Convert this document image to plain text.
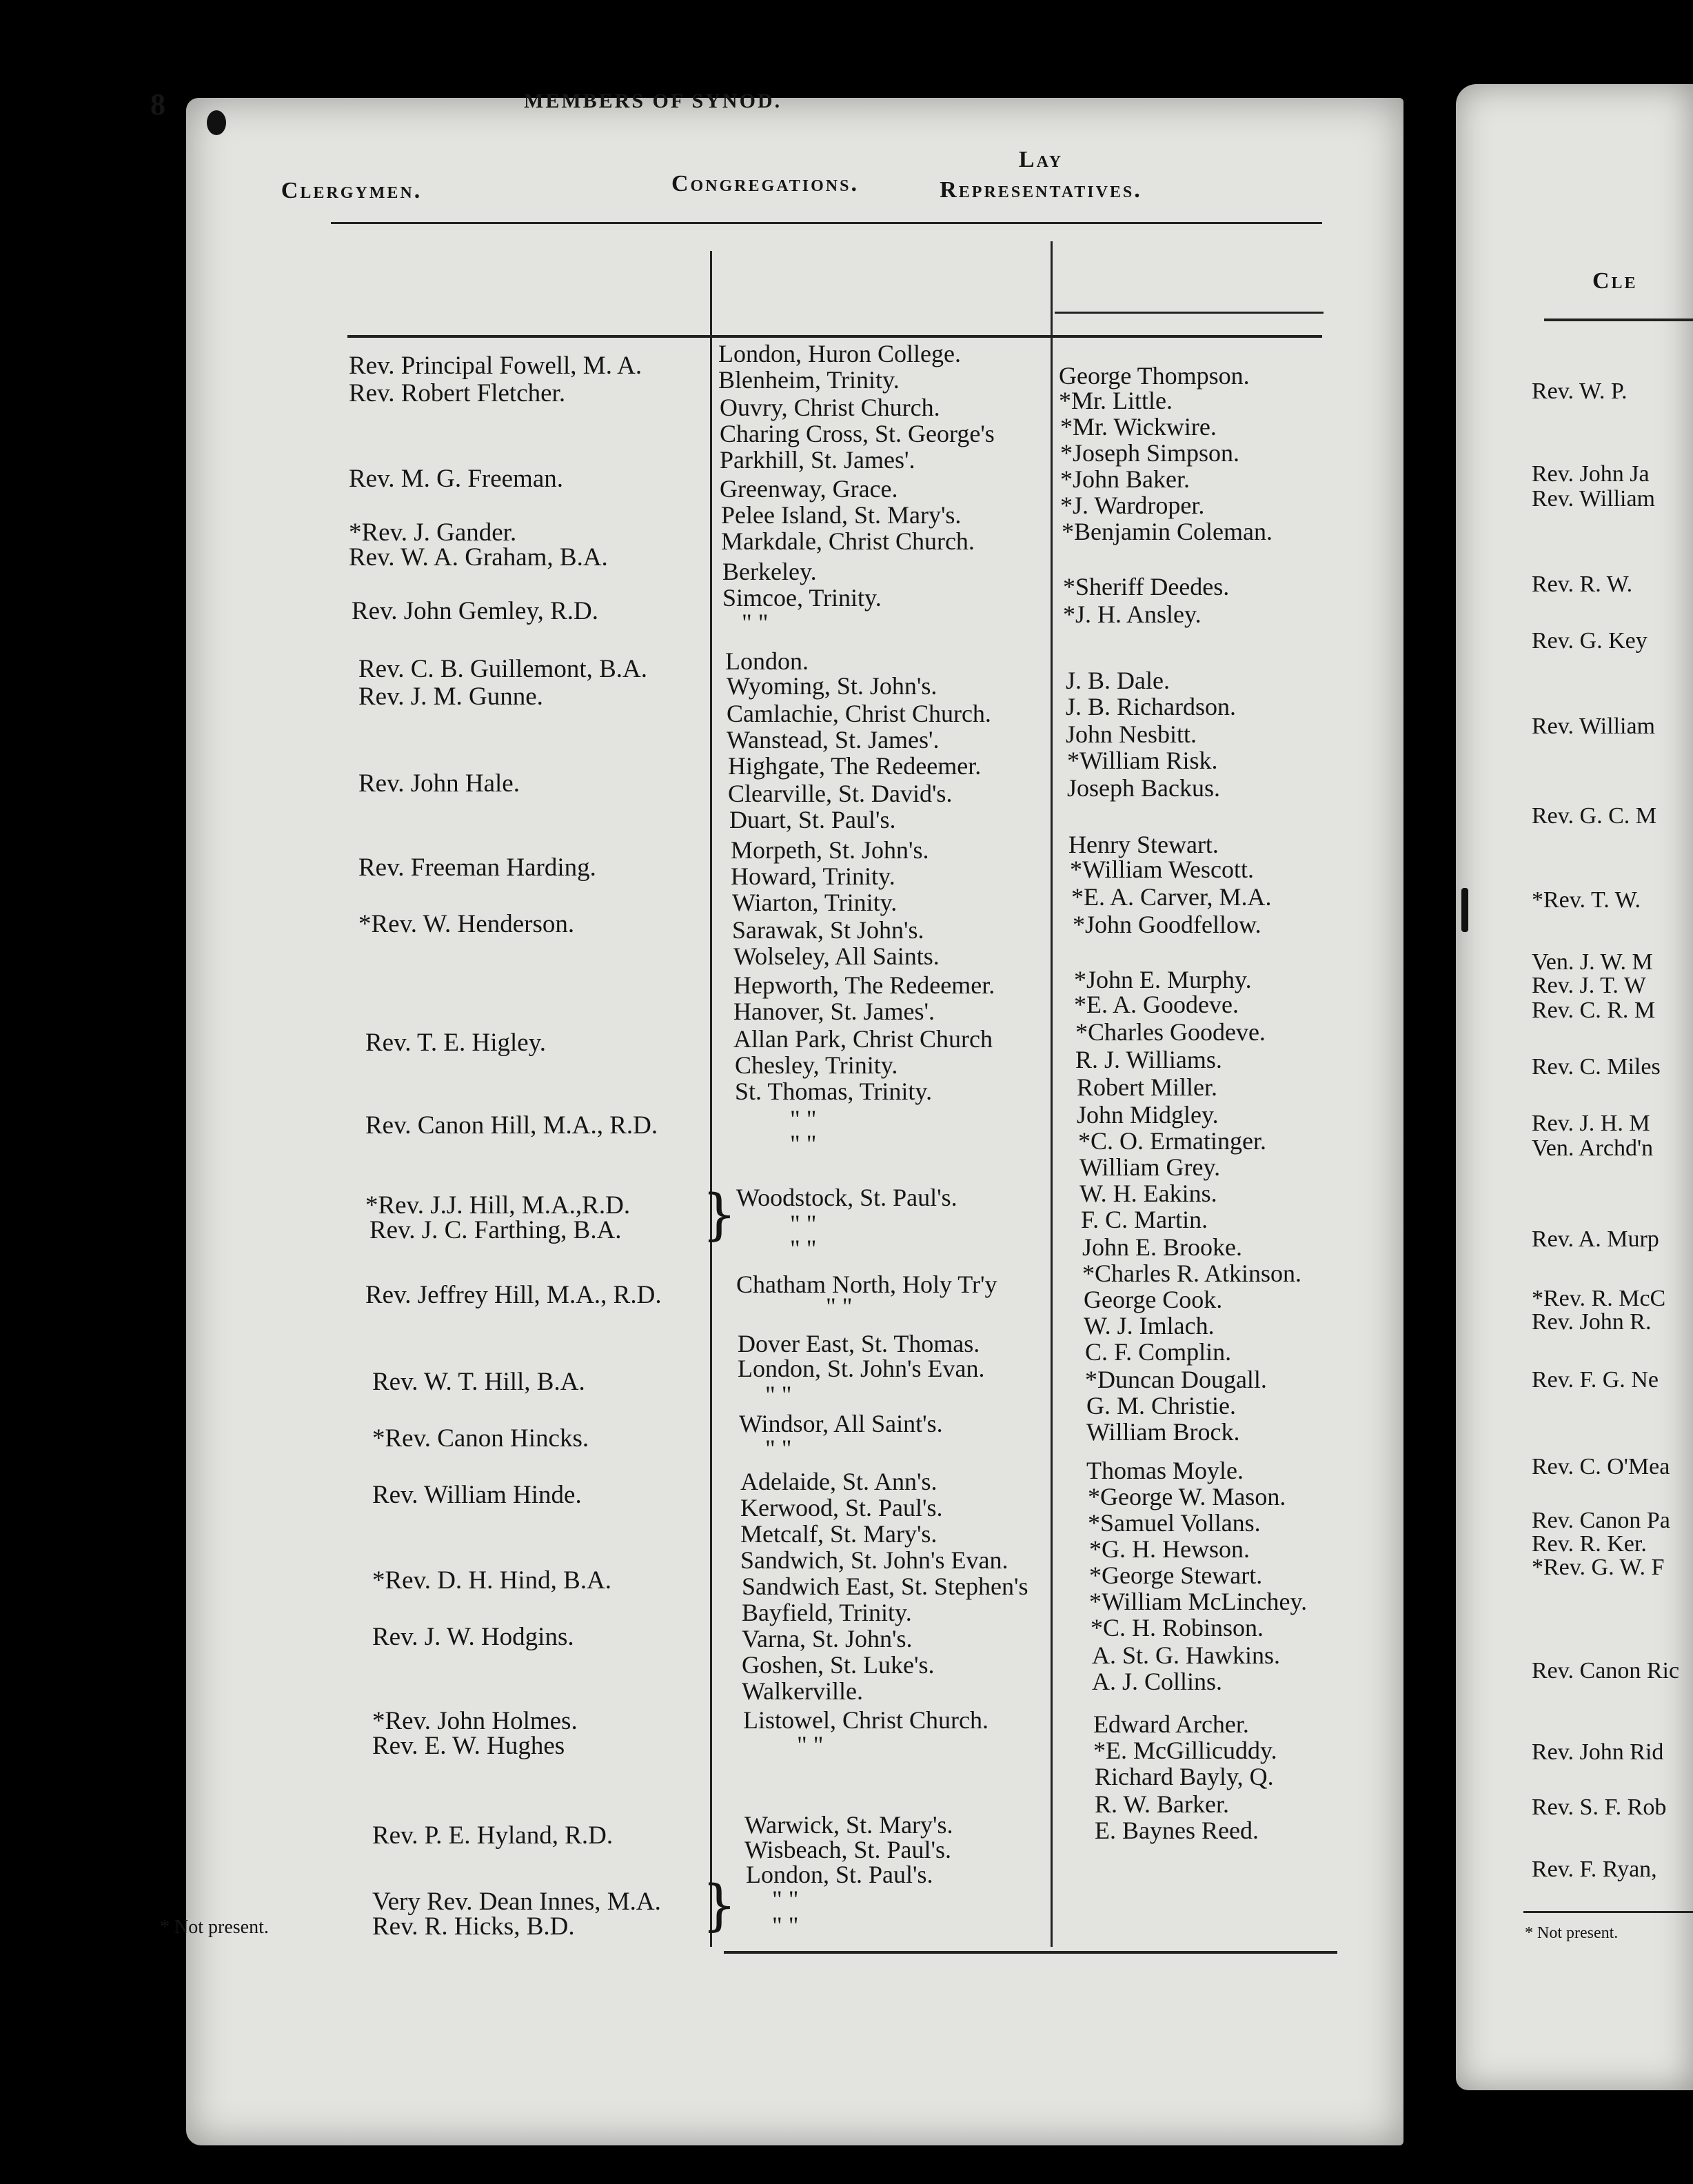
8	MEMBERS OF SYNOD.
Clergymen.	Congregations.
Lay
Representatives.
Rev. Principal Fowell, M. A.
Rev. Robert Fletcher.
Rev. M. G. Freeman.
*Rev. J. Gander.
Rev. W. A. Graham, B.A.
Rev. John Gemley, R.D.
Rev. C. B. Guillemont, B.A.
Rev. J. M. Gunne.
Rev. John Hale.
Rev. Freeman Harding.
*Rev. W. Henderson.
Rev. T. E. Higley.
Rev. Canon Hill, M.A., R.D.
*Rev. J.J. Hill, M.A.,R.D.
Rev. J. C. Farthing, B.A.
Rev. Jeffrey Hill, M.A., R.D.
Rev. W. T. Hill, B.A.
*Rev. Canon Hincks.
Rev. William Hinde.
*Rev. D. H. Hind, B.A.
Rev. J. W. Hodgins.
*Rev. John Holmes.
Rev. E. W. Hughes
Rev. P. E. Hyland, R.D.
Very Rev. Dean Innes, M.A.
Rev. R. Hicks, B.D.
London, Huron College.
Blenheim, Trinity.
Ouvry, Christ Church.
Charing Cross, St. George's
Parkhill, St. James'.
Greenway, Grace.
Pelee Island, St. Mary's.
Markdale, Christ Church.
Berkeley.
Simcoe, Trinity.
" "
London.
Wyoming, St. John's.
Camlachie, Christ Church.
Wanstead, St. James'.
Highgate, The Redeemer.
Clearville, St. David's.
Duart, St. Paul's.
Morpeth, St. John's.
Howard, Trinity.
Wiarton, Trinity.
Sarawak, St John's.
Wolseley, All Saints.
Hepworth, The Redeemer.
Hanover, St. James'.
Allan Park, Christ Church
Chesley, Trinity.
St. Thomas, Trinity.
" "
" "
Woodstock, St. Paul's.
" "
" "
Chatham North, Holy Tr'y
" "
Dover East, St. Thomas.
London, St. John's Evan.
" "
Windsor, All Saint's.
" "
Adelaide, St. Ann's.
Kerwood, St. Paul's.
Metcalf, St. Mary's.
Sandwich, St. John's Evan.
Sandwich East, St. Stephen's
Bayfield, Trinity.
Varna, St. John's.
Goshen, St. Luke's.
Walkerville.
Listowel, Christ Church.
" "
Warwick, St. Mary's.
Wisbeach, St. Paul's.
London, St. Paul's.
" "
" "
George Thompson.
*Mr. Little.
*Mr. Wickwire.
*Joseph Simpson.
*John Baker.
*J. Wardroper.
*Benjamin Coleman.
*Sheriff Deedes.
*J. H. Ansley.
J. B. Dale.
J. B. Richardson.
John Nesbitt.
*William Risk.
Joseph Backus.
Henry Stewart.
*William Wescott.
*E. A. Carver, M.A.
*John Goodfellow.
*John E. Murphy.
*E. A. Goodeve.
*Charles Goodeve.
R. J. Williams.
Robert Miller.
John Midgley.
*C. O. Ermatinger.
William Grey.
W. H. Eakins.
F. C. Martin.
John E. Brooke.
*Charles R. Atkinson.
George Cook.
W. J. Imlach.
C. F. Complin.
*Duncan Dougall.
G. M. Christie.
William Brock.
Thomas Moyle.
*George W. Mason.
*Samuel Vollans.
*G. H. Hewson.
*George Stewart.
*William McLinchey.
*C. H. Robinson.
A. St. G. Hawkins.
A. J. Collins.
Edward Archer.
*E. McGillicuddy.
Richard Bayly, Q.
R. W. Barker.
E. Baynes Reed.
}
}
* Not present.
Cle
Rev. W. P.
Rev. John Ja
Rev. William
Rev. R. W.
Rev. G. Key
Rev. William
Rev. G. C. M
*Rev. T. W.
Ven. J. W. M
Rev. J. T. W
Rev. C. R. M
Rev. C. Miles
Rev. J. H. M
Ven. Archd'n
Rev. A. Murp
*Rev. R. McC
Rev. John R.
Rev. F. G. Ne
Rev. C. O'Mea
Rev. Canon Pa
Rev. R. Ker.
*Rev. G. W. F
Rev. Canon Ric
Rev. John Rid
Rev. S. F. Rob
Rev. F. Ryan,
* Not present.
